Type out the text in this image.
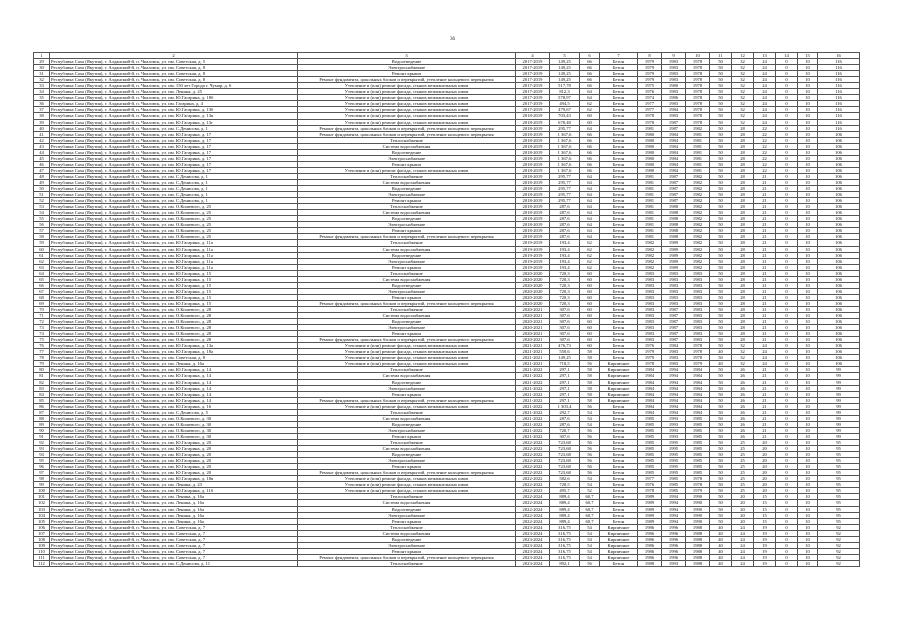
36
1	2	3	4	5	6	7	8	9	10	11	12	13	14	15	16
29	Республика Саха (Якутия), г. Алданский-й, п. Чкаловск, ул. им. Советская, д. 5	Водоотведение	2017-2019	149,25	66	Бетон	1979	1983	1978	50	32	24	0	10	116
30	Республика Саха (Якутия), г. Алданский-й, п. Чкаловск, ул. им. Советская, д. 8	Электроснабжение	2017-2019	149,25	66	Бетон	1979	1983	1978	50	32	24	0	10	116
31	Республика Саха (Якутия), г. Алданский-й, п. Чкаловск, ул. им. Советская, д. 8	Ремонт крыши	2017-2019	149,25	66	Бетон	1979	1983	1978	50	32	24	0	10	116
32	Республика Саха (Якутия), г. Алданский-й, п. Чкаловск, ул. им. Советская, д. 8	Ремонт фундамента, цокольных блоков и перекрытий, утепление кольцевого перекрытия	2017-2019	149,25	66	Бетон	1979	1983	1978	50	32	24	0	10	116
33	Республика Саха (Якутия), г. Алданский-й, п. Чкаловск, ул. им. 150 лет Города г. Чумар, д. 6	Утепление и (или) ремонт фасада, стыков межпанельных швов	2017-2019	517,78	66	Бетон	1975	1980	1978	50	32	24	0	10	116
34	Республика Саха (Якутия), г. Алданский-й, п. Чкаловск, ул. им. Ленина, д. 25	Утепление и (или) ремонт фасада, стыков межпанельных швов	2017-2019	812,3	64	Бетон	1976	1983	1978	50	32	24	0	10	116
35	Республика Саха (Якутия), г. Алданский-й, п. Чкаловск, ул. им. Ю.Гагарина, д. 18б	Утепление и (или) ремонт фасада, стыков межпанельных швов	2017-2019	578,97	64	Бетон	1974	1986	1978	50	32	24	0	10	116
36	Республика Саха (Якутия), г. Алданский-й, п. Чкаловск, ул. им. Гагарина, д. 4	Утепление и (или) ремонт фасада, стыков межпанельных швов	2017-2019	494,5	62	Бетон	1977	1983	1978	50	32	24	0	10	116
37	Республика Саха (Якутия), г. Алданский-й, п. Чкаловск, ул. им. Ю.Гагарина, д. 13б	Утепление и (или) ремонт фасада, стыков межпанельных швов	2017-2019	479,67	62	Бетон	1977	1984	1978	50	32	24	0	10	116
38	Республика Саха (Якутия), г. Алданский-й, п. Чкаловск, ул. им. Ю.Гагарина, д. 13в	Утепление и (или) ремонт фасада, стыков межпанельных швов	2018-2019	703,43	60	Бетон	1978	1983	1978	50	32	24	0	10	116
39	Республика Саха (Якутия), г. Алданский-й, п. Чкаловск, ул. им. Ю.Гагарина, д. 13г	Утепление и (или) ремонт фасада, стыков межпанельных швов	2018-2019	678,48	60	Бетон	1978	1987	1978	50	32	24	0	10	116
40	Республика Саха (Якутия), г. Алданский-й, п. Чкаловск, ул. им. С.Денисова, д. 1	Ремонт фундамента, цокольных блоков и перекрытий, утепление кольцевого перекрытия	2018-2019	295,77	64	Бетон	1981	1987	1982	50	28	22	0	10	116
41	Республика Саха (Якутия), г. Алданский-й, п. Чкаловск, ул. им. Ю.Гагарина, д. 17	Ремонт фундамента, цокольных блоков и перекрытий, утепление кольцевого перекрытия	2018-2019	1 367,6	66	Бетон	1980	1984	1981	50	28	22	0	10	106
42	Республика Саха (Якутия), г. Алданский-й, п. Чкаловск, ул. им. Ю.Гагарина, д. 17	Теплоснабжение	2018-2019	1 367,6	66	Бетон	1980	1984	1981	50	28	22	0	10	106
43	Республика Саха (Якутия), г. Алданский-й, п. Чкаловск, ул. им. Ю.Гагарина, д. 17	Система водоснабжения	2018-2019	1 367,6	66	Бетон	1980	1984	1981	50	28	22	0	10	106
44	Республика Саха (Якутия), г. Алданский-й, п. Чкаловск, ул. им. Ю.Гагарина, д. 17	Водоотведение	2018-2019	1 367,6	66	Бетон	1980	1984	1981	50	28	22	0	10	106
45	Республика Саха (Якутия), г. Алданский-й, п. Чкаловск, ул. им. Ю.Гагарина, д. 17	Электроснабжение	2018-2019	1 367,6	66	Бетон	1980	1984	1981	50	28	22	0	10	106
46	Республика Саха (Якутия), г. Алданский-й, п. Чкаловск, ул. им. Ю.Гагарина, д. 17	Ремонт крыши	2018-2019	1 367,6	66	Бетон	1980	1984	1981	50	28	22	0	10	106
47	Республика Саха (Якутия), г. Алданский-й, п. Чкаловск, ул. им. Ю.Гагарина, д. 17	Утепление и (или) ремонт фасада, стыков межпанельных швов	2018-2019	1 367,6	66	Бетон	1980	1984	1981	50	28	22	0	10	106
48	Республика Саха (Якутия), г. Алданский-й, п. Чкаловск, ул. им. С.Денисова, д. 1	Теплоснабжение	2018-2019	295,77	64	Бетон	1981	1987	1982	50	28	21	0	10	106
49	Республика Саха (Якутия), г. Алданский-й, п. Чкаловск, ул. им. С.Денисова, д. 1	Система водоснабжения	2018-2019	295,77	64	Бетон	1981	1987	1982	50	28	21	0	10	106
50	Республика Саха (Якутия), г. Алданский-й, п. Чкаловск, ул. им. С.Денисова, д. 1	Водоотведение	2018-2019	295,77	64	Бетон	1981	1987	1982	50	28	21	0	10	106
51	Республика Саха (Якутия), г. Алданский-й, п. Чкаловск, ул. им. С.Денисова, д. 1	Электроснабжение	2018-2019	295,77	64	Бетон	1981	1987	1982	50	28	21	0	10	106
52	Республика Саха (Якутия), г. Алданский-й, п. Чкаловск, ул. им. С.Денисова, д. 1	Ремонт крыши	2018-2019	295,77	64	Бетон	1981	1987	1982	50	28	21	0	10	106
53	Республика Саха (Якутия), г. Алданский-й, п. Чкаловск, ул. им. О.Кошевого, д. 25	Теплоснабжение	2018-2019	287,6	64	Бетон	1981	1988	1982	50	28	21	0	10	106
54	Республика Саха (Якутия), г. Алданский-й, п. Чкаловск, ул. им. О.Кошевого, д. 25	Система водоснабжения	2018-2019	287,6	64	Бетон	1981	1988	1982	50	28	21	0	10	106
55	Республика Саха (Якутия), г. Алданский-й, п. Чкаловск, ул. им. О.Кошевого, д. 25	Водоотведение	2018-2019	287,6	64	Бетон	1981	1988	1982	50	28	21	0	10	106
56	Республика Саха (Якутия), г. Алданский-й, п. Чкаловск, ул. им. О.Кошевого, д. 25	Электроснабжение	2018-2019	287,6	64	Бетон	1981	1988	1982	50	28	21	0	10	106
57	Республика Саха (Якутия), г. Алданский-й, п. Чкаловск, ул. им. О.Кошевого, д. 25	Ремонт крыши	2018-2019	287,6	64	Бетон	1981	1988	1982	50	28	21	0	10	106
58	Республика Саха (Якутия), г. Алданский-й, п. Чкаловск, ул. им. О.Кошевого, д. 25	Ремонт фундамента, цокольных блоков и перекрытий, утепление кольцевого перекрытия	2018-2019	287,6	64	Бетон	1981	1988	1982	50	28	21	0	10	106
59	Республика Саха (Якутия), г. Алданский-й, п. Чкаловск, ул. им. Ю.Гагарина, д. 11а	Теплоснабжение	2019-2019	193,4	62	Бетон	1982	1989	1982	50	28	21	0	10	106
60	Республика Саха (Якутия), г. Алданский-й, п. Чкаловск, ул. им. Ю.Гагарина, д. 11а	Система водоснабжения	2019-2019	193,4	62	Бетон	1982	1989	1982	50	28	21	0	10	106
61	Республика Саха (Якутия), г. Алданский-й, п. Чкаловск, ул. им. Ю.Гагарина, д. 11а	Водоотведение	2019-2019	193,4	62	Бетон	1982	1989	1982	50	28	21	0	10	106
62	Республика Саха (Якутия), г. Алданский-й, п. Чкаловск, ул. им. Ю.Гагарина, д. 11а	Электроснабжение	2019-2019	193,4	62	Бетон	1982	1989	1982	50	28	21	0	10	106
63	Республика Саха (Якутия), г. Алданский-й, п. Чкаловск, ул. им. Ю.Гагарина, д. 11а	Ремонт крыши	2019-2019	193,4	62	Бетон	1982	1989	1982	50	28	21	0	10	106
64	Республика Саха (Якутия), г. Алданский-й, п. Чкаловск, ул. им. Ю.Гагарина, д. 15	Теплоснабжение	2020-2020	720,3	60	Бетон	1983	1983	1983	50	28	21	0	10	106
65	Республика Саха (Якутия), г. Алданский-й, п. Чкаловск, ул. им. Ю.Гагарина, д. 15	Система водоснабжения	2020-2020	720,3	60	Бетон	1983	1983	1983	50	28	21	0	10	106
66	Республика Саха (Якутия), г. Алданский-й, п. Чкаловск, ул. им. Ю.Гагарина, д. 15	Водоотведение	2020-2020	720,3	60	Бетон	1983	1983	1983	50	28	21	0	10	106
67	Республика Саха (Якутия), г. Алданский-й, п. Чкаловск, ул. им. Ю.Гагарина, д. 15	Электроснабжение	2020-2020	720,3	60	Бетон	1983	1983	1983	50	28	21	0	10	106
68	Республика Саха (Якутия), г. Алданский-й, п. Чкаловск, ул. им. Ю.Гагарина, д. 15	Ремонт крыши	2020-2020	720,3	60	Бетон	1983	1983	1983	50	28	21	0	10	106
69	Республика Саха (Якутия), г. Алданский-й, п. Чкаловск, ул. им. Ю.Гагарина, д. 15	Ремонт фундамента, цокольных блоков и перекрытий, утепление кольцевого перекрытия	2020-2020	720,3	60	Бетон	1983	1983	1983	50	28	21	0	10	106
70	Республика Саха (Якутия), г. Алданский-й, п. Чкаловск, ул. им. О.Кошевого, д. 28	Теплоснабжение	2020-2021	307,6	60	Бетон	1983	1987	1983	50	28	21	0	10	106
71	Республика Саха (Якутия), г. Алданский-й, п. Чкаловск, ул. им. О.Кошевого, д. 28	Система водоснабжения	2020-2021	307,6	60	Бетон	1983	1987	1983	50	28	21	0	10	106
72	Республика Саха (Якутия), г. Алданский-й, п. Чкаловск, ул. им. О.Кошевого, д. 28	Водоотведение	2020-2021	307,6	60	Бетон	1983	1987	1983	50	28	21	0	10	106
73	Республика Саха (Якутия), г. Алданский-й, п. Чкаловск, ул. им. О.Кошевого, д. 28	Электроснабжение	2020-2021	307,6	60	Бетон	1983	1987	1983	50	28	21	0	10	106
74	Республика Саха (Якутия), г. Алданский-й, п. Чкаловск, ул. им. О.Кошевого, д. 28	Ремонт крыши	2020-2021	307,6	60	Бетон	1983	1987	1983	50	28	21	0	10	106
75	Республика Саха (Якутия), г. Алданский-й, п. Чкаловск, ул. им. О.Кошевого, д. 28	Ремонт фундамента, цокольных блоков и перекрытий, утепление кольцевого перекрытия	2020-2021	307,6	60	Бетон	1983	1987	1983	50	28	21	0	10	106
76	Республика Саха (Якутия), г. Алданский-й, п. Чкаловск, ул. им. Ю.Гагарина, д. 13а	Утепление и (или) ремонт фасада, стыков межпанельных швов	2021-2021	476,73	60	Бетон	1976	1984	1978	50	32	24	0	10	106
77	Республика Саха (Якутия), г. Алданский-й, п. Чкаловск, ул. им. Ю.Гагарина, д. 18а	Утепление и (или) ремонт фасада, стыков межпанельных швов	2021-2021	550,6	58	Бетон	1979	1983	1978	40	32	24	0	10	106
78	Республика Саха (Якутия), г. Алданский-й, п. Чкаловск, ул. им. Советская, д. 8	Утепление и (или) ремонт фасада, стыков межпанельных швов	2021-2021	149,25	58	Бетон	1979	1983	1978	50	32	24	0	10	106
79	Республика Саха (Якутия), г. Алданский-й, п. Чкаловск, ул. им. Ленина, д. 16а	Утепление и (или) ремонт фасада, стыков межпанельных швов	2021-2021	718,5	56	Кирпичное	1978	1983	1979	40	32	24	0	10	106
80	Республика Саха (Якутия), г. Алданский-й, п. Чкаловск, ул. им. Ю.Гагарина, д. 14	Теплоснабжение	2021-2022	297,1	58	Кирпичное	1984	1994	1984	50	26	21	0	10	99
81	Республика Саха (Якутия), г. Алданский-й, п. Чкаловск, ул. им. Ю.Гагарина, д. 14	Система водоснабжения	2021-2022	297,1	58	Кирпичное	1984	1994	1984	50	26	21	0	10	99
82	Республика Саха (Якутия), г. Алданский-й, п. Чкаловск, ул. им. Ю.Гагарина, д. 14	Водоотведение	2021-2022	297,1	58	Кирпичное	1984	1994	1984	50	26	21	0	10	99
83	Республика Саха (Якутия), г. Алданский-й, п. Чкаловск, ул. им. Ю.Гагарина, д. 14	Электроснабжение	2021-2022	297,1	58	Кирпичное	1984	1994	1984	50	26	21	0	10	99
84	Республика Саха (Якутия), г. Алданский-й, п. Чкаловск, ул. им. Ю.Гагарина, д. 14	Ремонт крыши	2021-2022	297,1	58	Кирпичное	1984	1994	1984	50	26	21	0	10	99
85	Республика Саха (Якутия), г. Алданский-й, п. Чкаловск, ул. им. Ю.Гагарина, д. 14	Ремонт фундамента, цокольных блоков и перекрытий, утепление кольцевого перекрытия	2021-2022	297,1	58	Кирпичное	1984	1994	1984	50	26	21	0	10	99
86	Республика Саха (Якутия), г. Алданский-й, п. Чкаловск, ул. им. Ю.Гагарина, д. 16	Утепление и (или) ремонт фасада, стыков межпанельных швов	2021-2022	1 303,4	56	Бетон	1984	1994	1984	50	26	21	0	10	99
87	Республика Саха (Якутия), г. Алданский-й, п. Чкаловск, ул. им. С.Денисова, д. 5	Теплоснабжение	2021-2022	292,7	54	Бетон	1984	1994	1984	50	26	21	0	10	99
88	Республика Саха (Якутия), г. Алданский-й, п. Чкаловск, ул. им. О.Кошевого, д. 30	Система водоснабжения	2021-2022	287,6	54	Бетон	1985	1993	1985	50	26	21	0	10	99
89	Республика Саха (Якутия), г. Алданский-й, п. Чкаловск, ул. им. О.Кошевого, д. 30	Водоотведение	2021-2022	287,6	54	Бетон	1985	1993	1985	50	26	21	0	10	99
90	Республика Саха (Якутия), г. Алданский-й, п. Чкаловск, ул. им. О.Кошевого, д. 30	Электроснабжение	2021-2022	720,7	56	Бетон	1985	1993	1985	50	26	21	0	10	99
91	Республика Саха (Якутия), г. Алданский-й, п. Чкаловск, ул. им. О.Кошевого, д. 30	Ремонт крыши	2021-2022	307,6	56	Бетон	1985	1993	1985	50	26	21	0	10	99
92	Республика Саха (Якутия), г. Алданский-й, п. Чкаловск, ул. им. Ю.Гагарина, д. 20	Теплоснабжение	2022-2022	723,68	56	Бетон	1985	1995	1985	50	25	20	0	10	95
93	Республика Саха (Якутия), г. Алданский-й, п. Чкаловск, ул. им. Ю.Гагарина, д. 20	Система водоснабжения	2022-2022	723,68	56	Бетон	1985	1995	1985	50	25	20	0	10	95
94	Республика Саха (Якутия), г. Алданский-й, п. Чкаловск, ул. им. Ю.Гагарина, д. 20	Водоотведение	2022-2022	723,68	56	Бетон	1985	1995	1985	50	25	20	0	10	95
95	Республика Саха (Якутия), г. Алданский-й, п. Чкаловск, ул. им. Ю.Гагарина, д. 20	Электроснабжение	2022-2022	723,68	56	Бетон	1985	1995	1985	50	25	20	0	10	95
96	Республика Саха (Якутия), г. Алданский-й, п. Чкаловск, ул. им. Ю.Гагарина, д. 20	Ремонт крыши	2022-2022	723,68	56	Бетон	1985	1995	1985	50	25	20	0	10	95
97	Республика Саха (Якутия), г. Алданский-й, п. Чкаловск, ул. им. Ю.Гагарина, д. 20	Ремонт фундамента, цокольных блоков и перекрытий, утепление кольцевого перекрытия	2022-2022	723,68	56	Бетон	1985	1995	1985	50	25	20	0	10	95
98	Республика Саха (Якутия), г. Алданский-й, п. Чкаловск, ул. им. Ю.Гагарина, д. 18в	Утепление и (или) ремонт фасада, стыков межпанельных швов	2022-2022	582,6	54	Бетон	1977	1985	1978	50	25	20	0	10	95
99	Республика Саха (Якутия), г. Алданский-й, п. Чкаловск, ул. им. Ленина, д. 23	Утепление и (или) ремонт фасада, стыков межпанельных швов	2022-2022	728,5	54	Бетон	1976	1985	1978	50	25	20	0	10	95
100	Республика Саха (Якутия), г. Алданский-й, п. Чкаловск, ул. им. Ю.Гагарина, д. 11б	Утепление и (или) ремонт фасада, стыков межпанельных швов	2022-2023	495,7	52	Бетон	1978	1985	1979	50	25	20	0	10	95
101	Республика Саха (Якутия), г. Алданский-й, п. Чкаловск, ул. им. Ленина, д. 16а	Теплоснабжение	2022-2024	889,4	60,7	Бетон	1989	1994	1990	50	20	15	0	10	95
102	Республика Саха (Якутия), г. Алданский-й, п. Чкаловск, ул. им. Ленина, д. 16а	Система водоснабжения	2022-2024	889,4	60,7	Бетон	1989	1994	1990	50	20	15	0	10	95
103	Республика Саха (Якутия), г. Алданский-й, п. Чкаловск, ул. им. Ленина, д. 16а	Водоотведение	2022-2024	889,4	60,7	Бетон	1989	1994	1990	50	20	15	0	10	95
104	Республика Саха (Якутия), г. Алданский-й, п. Чкаловск, ул. им. Ленина, д. 16а	Электроснабжение	2022-2024	889,4	60,7	Бетон	1989	1994	1990	50	20	15	0	10	95
105	Республика Саха (Якутия), г. Алданский-й, п. Чкаловск, ул. им. Ленина, д. 16а	Ремонт крыши	2022-2024	889,4	60,7	Бетон	1989	1994	1990	50	20	15	0	10	95
106	Республика Саха (Якутия), г. Алданский-й, п. Чкаловск, ул. им. Советская, д. 7	Теплоснабжение	2023-2024	316,75	54	Кирпичное	1986	1996	1988	40	24	19	0	10	92
107	Республика Саха (Якутия), г. Алданский-й, п. Чкаловск, ул. им. Советская, д. 7	Система водоснабжения	2023-2024	316,75	54	Кирпичное	1986	1996	1988	40	24	19	0	10	92
108	Республика Саха (Якутия), г. Алданский-й, п. Чкаловск, ул. им. Советская, д. 7	Водоотведение	2023-2024	316,75	54	Кирпичное	1986	1996	1988	40	24	19	0	10	92
109	Республика Саха (Якутия), г. Алданский-й, п. Чкаловск, ул. им. Советская, д. 7	Электроснабжение	2023-2024	316,75	54	Кирпичное	1986	1996	1988	40	24	19	0	10	92
110	Республика Саха (Якутия), г. Алданский-й, п. Чкаловск, ул. им. Советская, д. 7	Ремонт крыши	2023-2024	316,75	54	Кирпичное	1986	1996	1988	40	24	19	0	10	92
111	Республика Саха (Якутия), г. Алданский-й, п. Чкаловск, ул. им. Советская, д. 7	Ремонт фундамента, цокольных блоков и перекрытий, утепление кольцевого перекрытия	2023-2024	316,75	54	Кирпичное	1986	1996	1988	40	24	19	0	10	92
112	Республика Саха (Якутия), г. Алданский-й, п. Чкаловск, ул. им. С.Денисова, д. 11	Теплоснабжение	2023-2024	892,1	56	Бетон	1988	1993	1988	40	24	19	0	10	92
